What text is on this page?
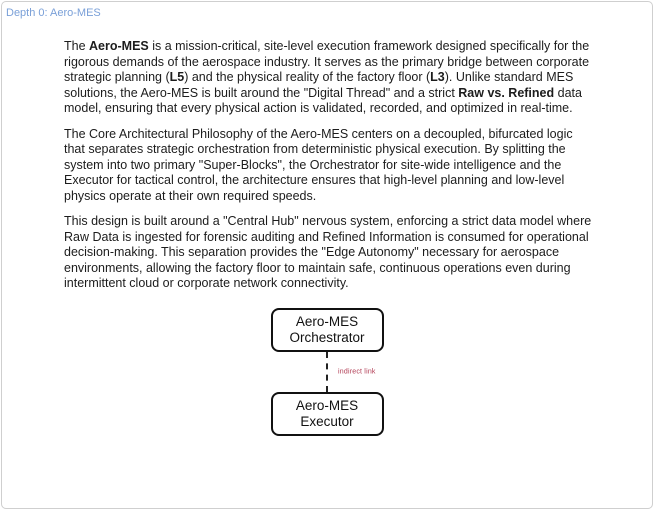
Depth 0: Aero-MES

The Aero-MES is a mission-critical, site-level execution framework designed specifically for the rigorous demands of the aerospace industry. It serves as the primary bridge between corporate strategic planning (L5) and the physical reality of the factory floor (L3). Unlike standard MES solutions, the Aero-MES is built around the "Digital Thread" and a strict Raw vs. Refined data model, ensuring that every physical action is validated, recorded, and optimized in real-time.

The Core Architectural Philosophy of the Aero-MES centers on a decoupled, bifurcated logic that separates strategic orchestration from deterministic physical execution. By splitting the system into two primary "Super-Blocks", the Orchestrator for site-wide intelligence and the Executor for tactical control, the architecture ensures that high-level planning and low-level physics operate at their own required speeds.

This design is built around a "Central Hub" nervous system, enforcing a strict data model where Raw Data is ingested for forensic auditing and Refined Information is consumed for operational decision-making. This separation provides the "Edge Autonomy" necessary for aerospace environments, allowing the factory floor to maintain safe, continuous operations even during intermittent cloud or corporate network connectivity.

Aero-MES
Orchestrator
indirect link
Aero-MES
Executor
